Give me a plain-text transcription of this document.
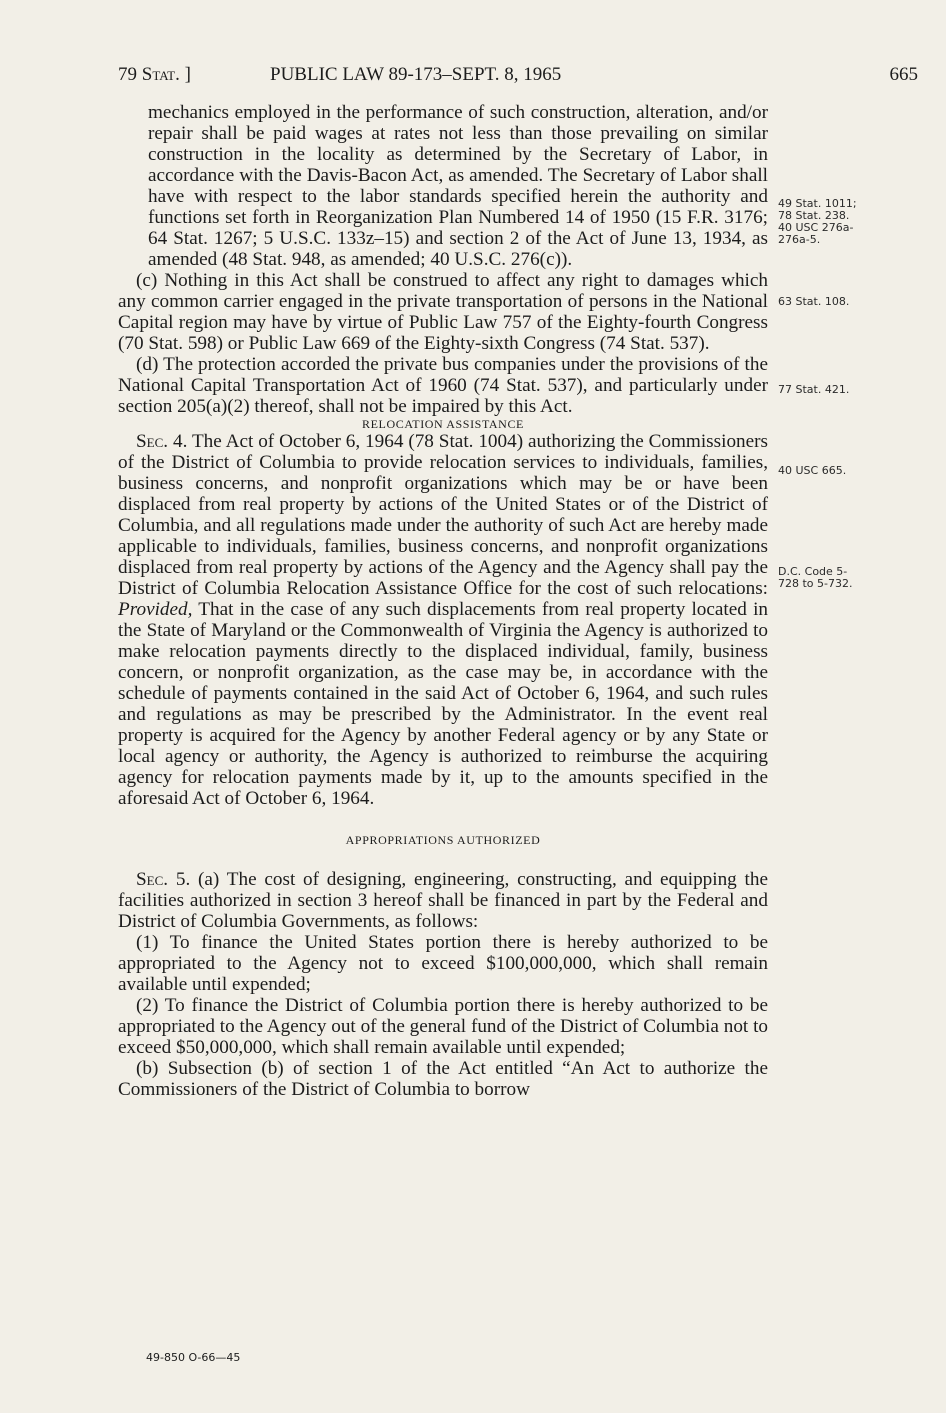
79 Stat. ]	PUBLIC LAW 89-173–SEPT. 8, 1965	665

mechanics employed in the performance of such construction, alteration, and/or repair shall be paid wages at rates not less than those prevailing on similar construction in the locality as determined by the Secretary of Labor, in accordance with the Davis-Bacon Act, as amended. The Secretary of Labor shall have with respect to the labor standards specified herein the authority and functions set forth in Reorganization Plan Numbered 14 of 1950 (15 F.R. 3176; 64 Stat. 1267; 5 U.S.C. 133z–15) and section 2 of the Act of June 13, 1934, as amended (48 Stat. 948, as amended; 40 U.S.C. 276(c)).

(c) Nothing in this Act shall be construed to affect any right to damages which any common carrier engaged in the private transportation of persons in the National Capital region may have by virtue of Public Law 757 of the Eighty-fourth Congress (70 Stat. 598) or Public Law 669 of the Eighty-sixth Congress (74 Stat. 537).

(d) The protection accorded the private bus companies under the provisions of the National Capital Transportation Act of 1960 (74 Stat. 537), and particularly under section 205(a)(2) thereof, shall not be impaired by this Act.

RELOCATION ASSISTANCE

Sec. 4. The Act of October 6, 1964 (78 Stat. 1004) authorizing the Commissioners of the District of Columbia to provide relocation services to individuals, families, business concerns, and nonprofit organizations which may be or have been displaced from real property by actions of the United States or of the District of Columbia, and all regulations made under the authority of such Act are hereby made applicable to individuals, families, business concerns, and nonprofit organizations displaced from real property by actions of the Agency and the Agency shall pay the District of Columbia Relocation Assistance Office for the cost of such relocations: Provided, That in the case of any such displacements from real property located in the State of Maryland or the Commonwealth of Virginia the Agency is authorized to make relocation payments directly to the displaced individual, family, business concern, or nonprofit organization, as the case may be, in accordance with the schedule of payments contained in the said Act of October 6, 1964, and such rules and regulations as may be prescribed by the Administrator. In the event real property is acquired for the Agency by another Federal agency or by any State or local agency or authority, the Agency is authorized to reimburse the acquiring agency for relocation payments made by it, up to the amounts specified in the aforesaid Act of October 6, 1964.

APPROPRIATIONS AUTHORIZED

Sec. 5. (a) The cost of designing, engineering, constructing, and equipping the facilities authorized in section 3 hereof shall be financed in part by the Federal and District of Columbia Governments, as follows:

(1) To finance the United States portion there is hereby authorized to be appropriated to the Agency not to exceed $100,000,000, which shall remain available until expended;

(2) To finance the District of Columbia portion there is hereby authorized to be appropriated to the Agency out of the general fund of the District of Columbia not to exceed $50,000,000, which shall remain available until expended;

(b) Subsection (b) of section 1 of the Act entitled “An Act to authorize the Commissioners of the District of Columbia to borrow

49 Stat. 1011;
78 Stat. 238.
40 USC 276a-
276a-5.
63 Stat. 108.
77 Stat. 421.
40 USC 665.
D.C. Code 5-
728 to 5-732.
49-850 O-66—45
